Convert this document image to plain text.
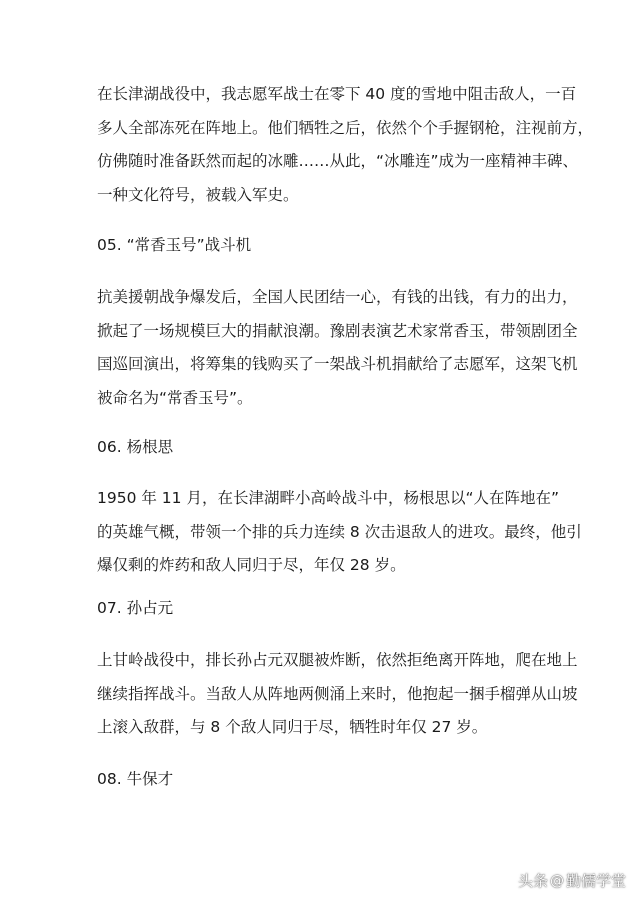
在长津湖战役中，我志愿军战士在零下 40 度的雪地中阻击敌人，一百
多人全部冻死在阵地上。他们牺牲之后，依然个个手握钢枪，注视前方，
仿佛随时准备跃然而起的冰雕……从此，“冰雕连”成为一座精神丰碑、
一种文化符号，被载入军史。

05. “常香玉号”战斗机

抗美援朝战争爆发后，全国人民团结一心，有钱的出钱，有力的出力，
掀起了一场规模巨大的捐献浪潮。豫剧表演艺术家常香玉，带领剧团全
国巡回演出，将筹集的钱购买了一架战斗机捐献给了志愿军，这架飞机
被命名为“常香玉号”。

06. 杨根思

1950 年 11 月，在长津湖畔小高岭战斗中，杨根思以“人在阵地在”
的英雄气概，带领一个排的兵力连续 8 次击退敌人的进攻。最终，他引
爆仅剩的炸药和敌人同归于尽，年仅 28 岁。

07. 孙占元

上甘岭战役中，排长孙占元双腿被炸断，依然拒绝离开阵地，爬在地上
继续指挥战斗。当敌人从阵地两侧涌上来时，他抱起一捆手榴弹从山坡
上滚入敌群，与 8 个敌人同归于尽，牺牲时年仅 27 岁。

08. 牛保才

头条 @ 勤儒学堂
